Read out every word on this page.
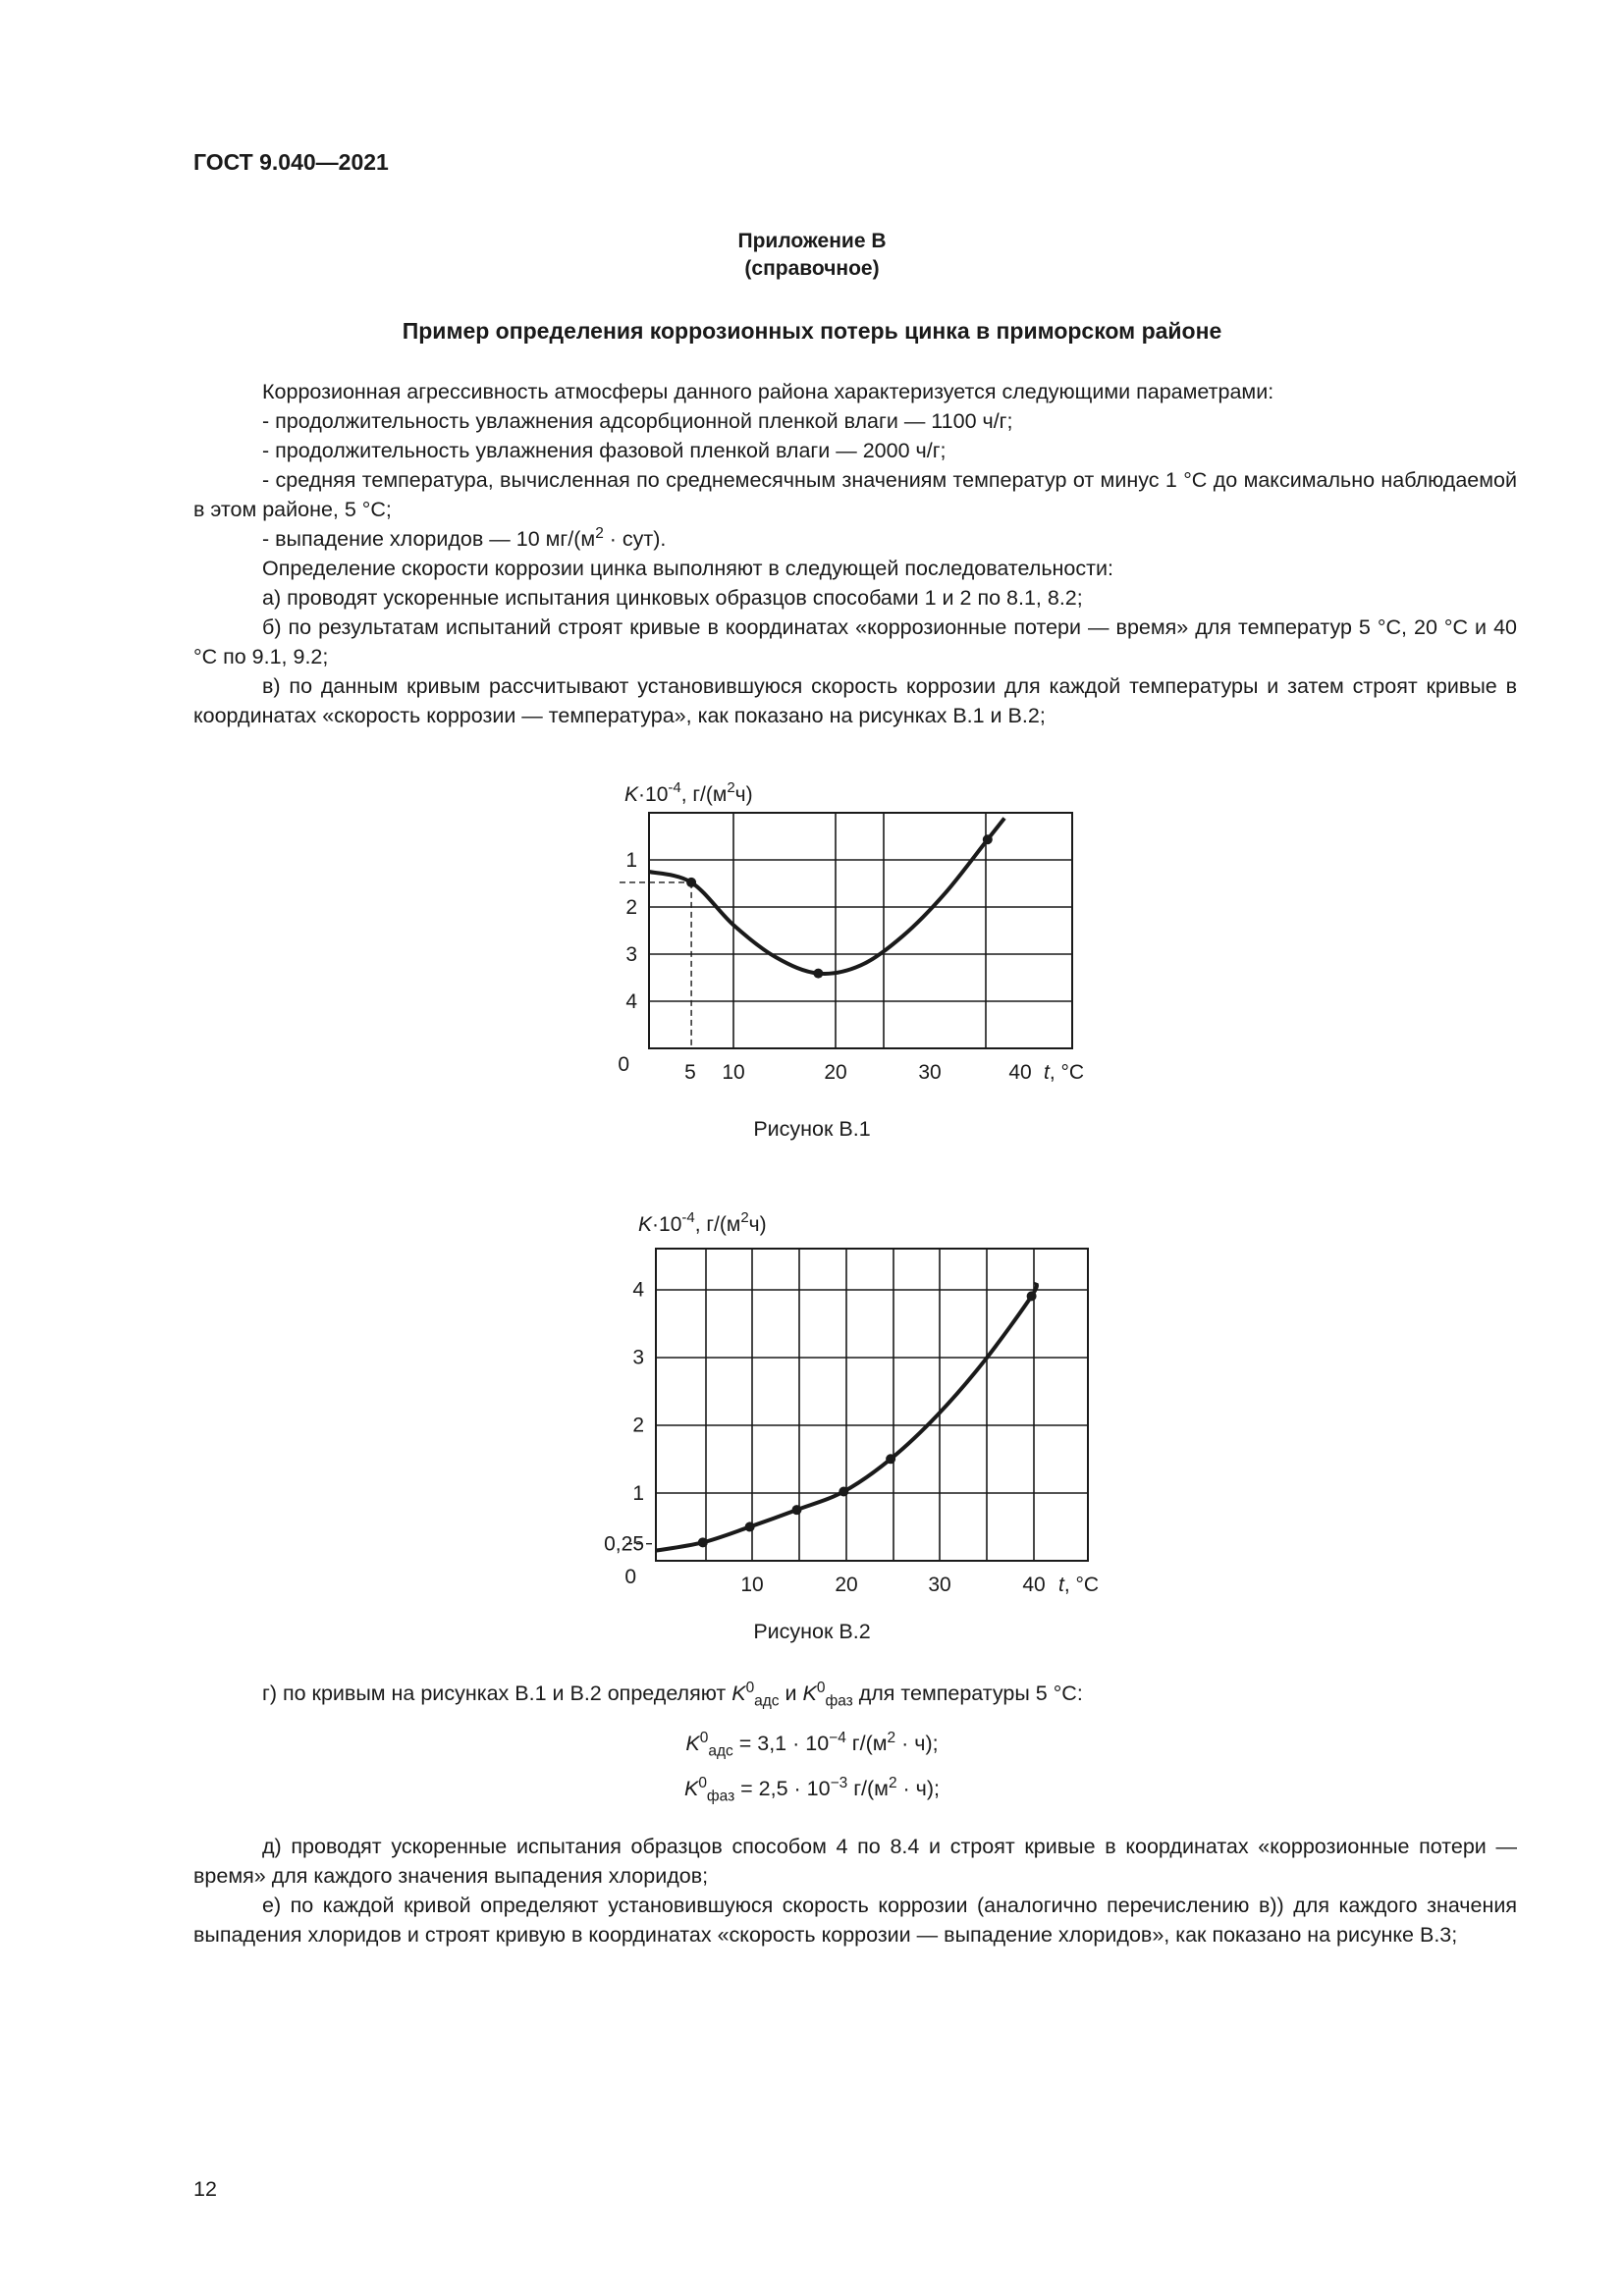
ГОСТ 9.040—2021
Приложение В
(справочное)
Пример определения коррозионных потерь цинка в приморском районе

Коррозионная агрессивность атмосферы данного района характеризуется следующими параметрами:

- продолжительность увлажнения адсорбционной пленкой влаги — 1100 ч/г;

- продолжительность увлажнения фазовой пленкой влаги — 2000 ч/г;

- средняя температура, вычисленная по среднемесячным значениям температур от минус 1 °С до максимально наблюдаемой в этом районе, 5 °С;

- выпадение хлоридов — 10 $мг/(м^2 \cdot сут)$.

Определение скорости коррозии цинка выполняют в следующей последовательности:

а) проводят ускоренные испытания цинковых образцов способами 1 и 2 по 8.1, 8.2;

б) по результатам испытаний строят кривые в координатах «коррозионные потери — время» для температур 5 °С, 20 °С и 40 °С по 9.1, 9.2;

в) по данным кривым рассчитывают установившуюся скорость коррозии для каждой температуры и затем строят кривые в координатах «скорость коррозии — температура», как показано на рисунках В.1 и В.2;

$K\cdot 10^{-4}$, $г/(м^2ч)$
1
2
3
4
5 10	20	30	40
0	t, °С
Рисунок В.1
$K\cdot 10^{-4}$, $г/(м^2ч)$
0,25
1
2
3
4
10	20	30	40
0	t, °С
Рисунок В.2

г) по кривым на рисунках В.1 и В.2 определяют $K^0_{адс}$ и $K^0_{фаз}$ для температуры 5 °С:

$K^0_{адс} = 3,1 \cdot 10^{-4}$ $г/(м^2 \cdot ч)$;
$K^0_{фаз} = 2,5 \cdot 10^{-3}$ $г/(м^2 \cdot ч)$;

д) проводят ускоренные испытания образцов способом 4 по 8.4 и строят кривые в координатах «коррозионные потери — время» для каждого значения выпадения хлоридов;

е) по каждой кривой определяют установившуюся скорость коррозии (аналогично перечислению в)) для каждого значения выпадения хлоридов и строят кривую в координатах «скорость коррозии — выпадение хлоридов», как показано на рисунке В.3;

12
